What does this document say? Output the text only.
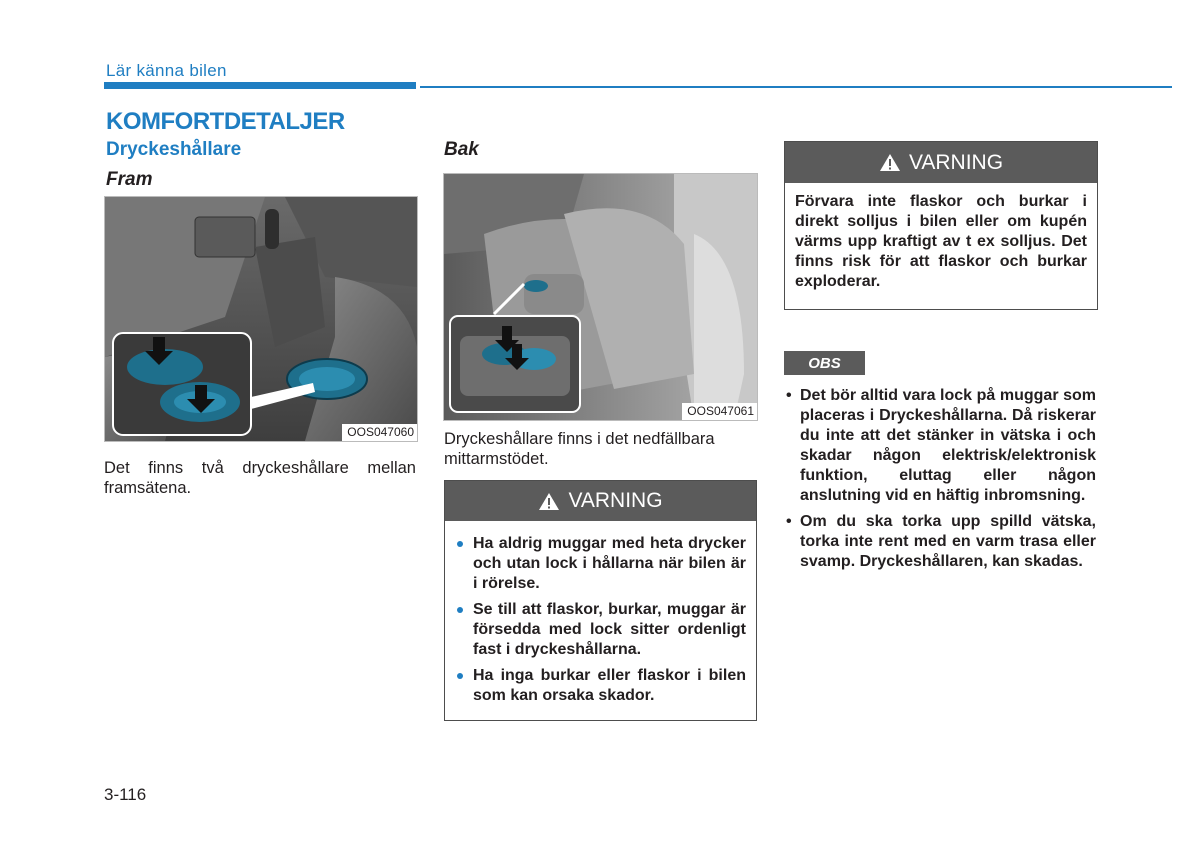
Lär känna bilen
KOMFORTDETALJER
Dryckeshållare
Fram
OOS047060
Det finns två dryckeshållare mellan framsätena.
Bak
OOS047061
Dryckeshållare finns i det nedfällbara mittarmstödet.
VARNING
Ha aldrig muggar med heta drycker och utan lock i hållarna när bilen är i rörelse.
Se till att flaskor, burkar, muggar är försedda med lock sitter ordenligt fast i dryckeshållarna.
Ha inga burkar eller flaskor i bilen som kan orsaka skador.
VARNING
Förvara inte flaskor och burkar i direkt solljus i bilen eller om kupén värms upp kraftigt av t ex solljus. Det finns risk för att flaskor och burkar exploderar.
OBS
• Det bör alltid vara lock på muggar som placeras i Dryckeshållarna. Då riskerar du inte att det stänker in vätska i och skadar någon elektrisk/elektronisk funktion, eluttag eller någon anslutning vid en häftig inbromsning.
• Om du ska torka upp spilld vätska, torka inte rent med en varm trasa eller svamp. Dryckeshållaren, kan skadas.
3-116
